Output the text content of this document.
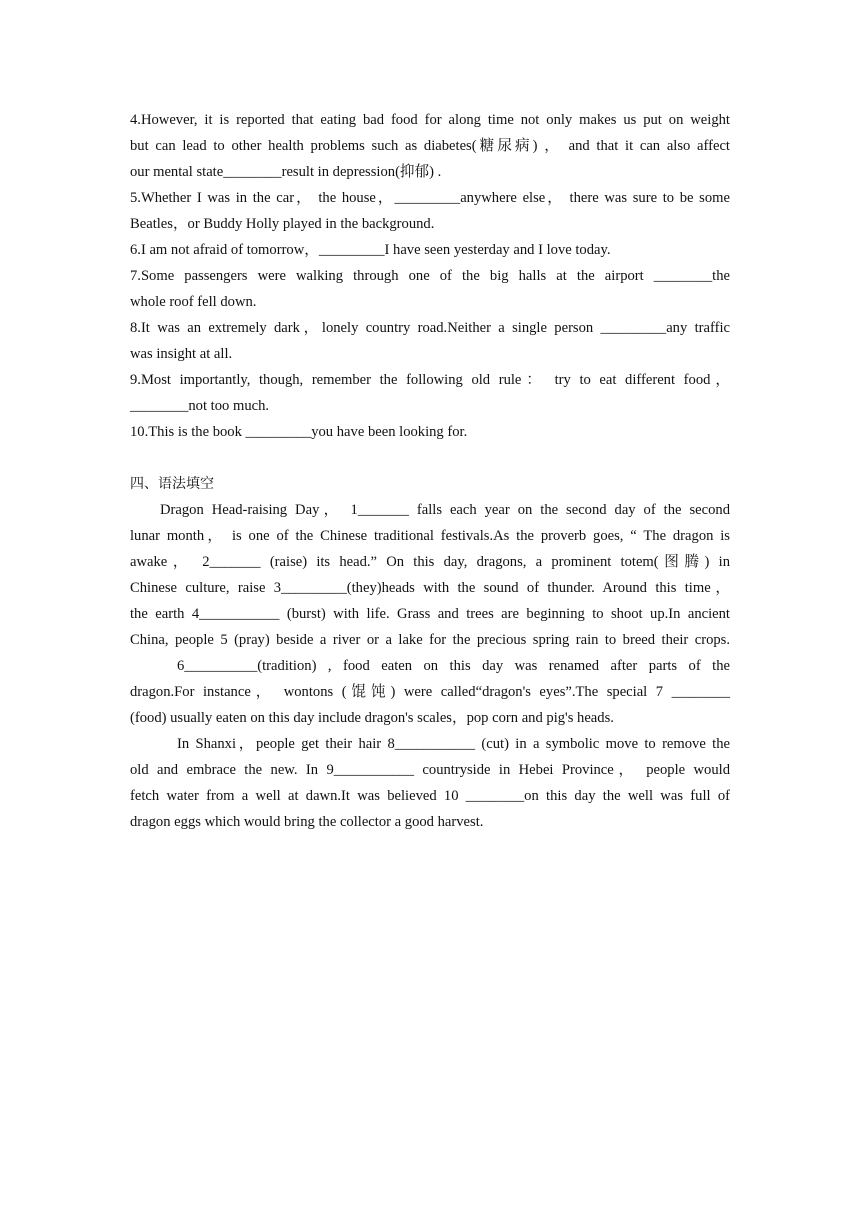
4.However, it is reported that eating bad food for along time not only makes us put on weight
but can lead to other health problems such as diabetes(糖尿病) ， and that it can also affect
our mental state________result in depression(抑郁) .
5.Whether I was in the car， the house，_________anywhere else， there was sure to be some
Beatles，or Buddy Holly played in the background.
6.I am not afraid of tomorrow，_________I have seen yesterday and I love today.
7.Some passengers were walking through one of the big halls at the airport ________the
whole roof fell down.
8.It was an extremely dark，lonely country road.Neither a single person _________any traffic
was insight at all.
9.Most importantly, though, remember the following old rule： try to eat different food，
________not too much.
10.This is the book _________you have been looking for.
四、语法填空
Dragon Head-raising Day， 1_______ falls each year on the second day of the second
lunar month， is one of the Chinese traditional festivals.As the proverb goes, “ The dragon is
awake， 2_______ (raise) its head.” On this day, dragons, a prominent totem(图腾) in
Chinese culture, raise 3_________(they)heads with the sound of thunder. Around this time，
the earth 4___________ (burst) with life. Grass and trees are beginning to shoot up.In ancient
China, people 5 (pray) beside a river or a lake for the precious spring rain to breed their crops.
6__________(tradition) , food eaten on this day was renamed after parts of the
dragon.For instance， wontons (馄饨) were called“dragon's eyes”.The special 7 ________
(food) usually eaten on this day include dragon's scales，pop corn and pig's heads.
In Shanxi，people get their hair 8___________ (cut) in a symbolic move to remove the
old and embrace the new. In 9___________ countryside in Hebei Province， people would
fetch water from a well at dawn.It was believed 10 ________on this day the well was full of
dragon eggs which would bring the collector a good harvest.
